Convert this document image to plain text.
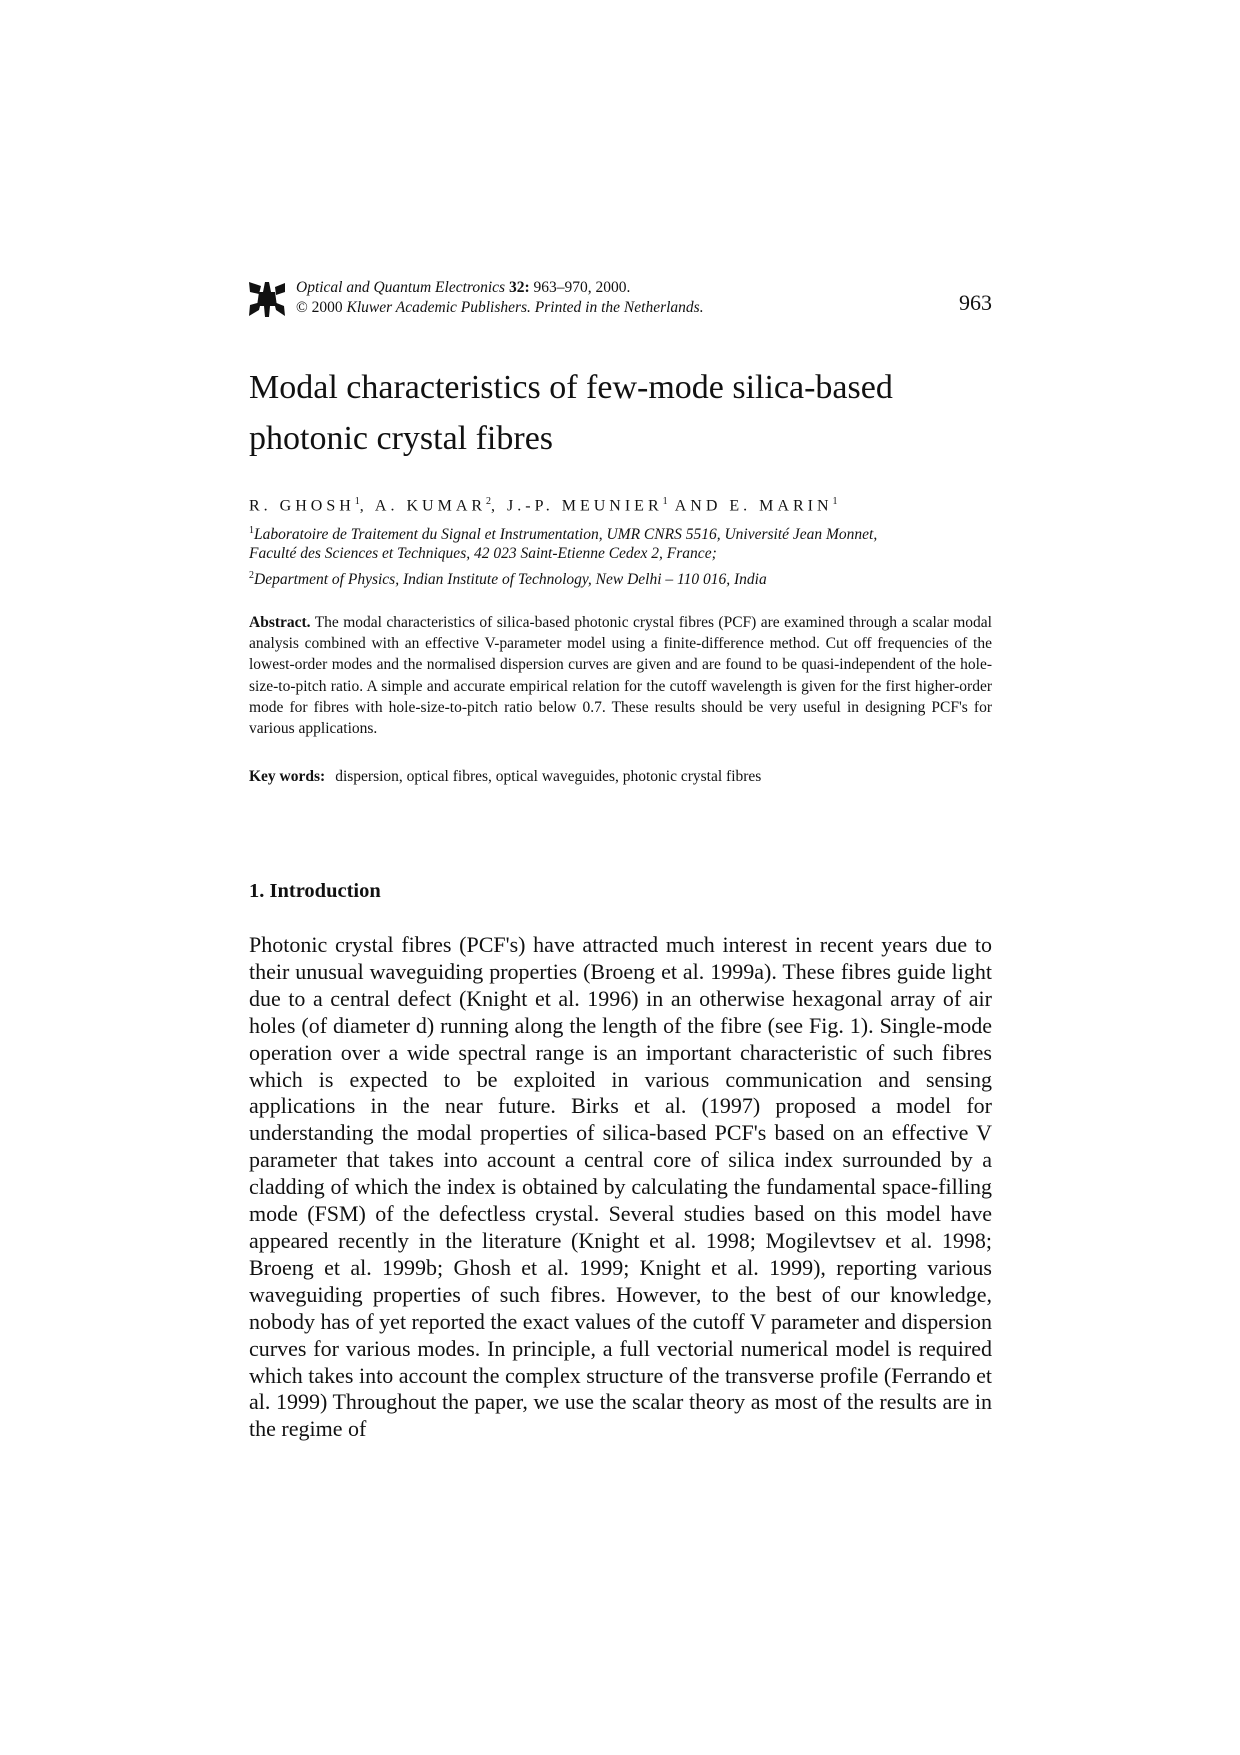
Optical and Quantum Electronics 32: 963–970, 2000.
© 2000 Kluwer Academic Publishers. Printed in the Netherlands.	963
Modal characteristics of few-mode silica-based
photonic crystal fibres
R. GHOSH$^1$, A. KUMAR$^2$, J.-P. MEUNIER$^1$ AND E. MARIN$^1$
$^1$Laboratoire de Traitement du Signal et Instrumentation, UMR CNRS 5516, Université Jean Monnet,
Faculté des Sciences et Techniques, 42 023 Saint-Etienne Cedex 2, France;
$^2$Department of Physics, Indian Institute of Technology, New Delhi – 110 016, India
Abstract. The modal characteristics of silica-based photonic crystal fibres (PCF) are examined through a scalar modal analysis combined with an effective V-parameter model using a finite-difference method. Cut off frequencies of the lowest-order modes and the normalised dispersion curves are given and are found to be quasi-independent of the hole-size-to-pitch ratio. A simple and accurate empirical relation for the cutoff wavelength is given for the first higher-order mode for fibres with hole-size-to-pitch ratio below 0.7. These results should be very useful in designing PCF's for various applications.
Key words: dispersion, optical fibres, optical waveguides, photonic crystal fibres
1. Introduction
Photonic crystal fibres (PCF's) have attracted much interest in recent years due to their unusual waveguiding properties (Broeng et al. 1999a). These fibres guide light due to a central defect (Knight et al. 1996) in an otherwise hexagonal array of air holes (of diameter d) running along the length of the fibre (see Fig. 1). Single-mode operation over a wide spectral range is an important characteristic of such fibres which is expected to be exploited in various communication and sensing applications in the near future. Birks et al. (1997) proposed a model for understanding the modal properties of silica-based PCF's based on an effective V parameter that takes into account a central core of silica index surrounded by a cladding of which the index is obtained by calculating the fundamental space-filling mode (FSM) of the defectless crystal. Several studies based on this model have appeared recently in the literature (Knight et al. 1998; Mogilevtsev et al. 1998; Broeng et al. 1999b; Ghosh et al. 1999; Knight et al. 1999), reporting various waveguiding properties of such fibres. However, to the best of our knowledge, nobody has of yet reported the exact values of the cutoff V parameter and dispersion curves for various modes. In principle, a full vectorial numerical model is required which takes into account the complex structure of the transverse profile (Ferrando et al. 1999) Throughout the paper, we use the scalar theory as most of the results are in the regime of
